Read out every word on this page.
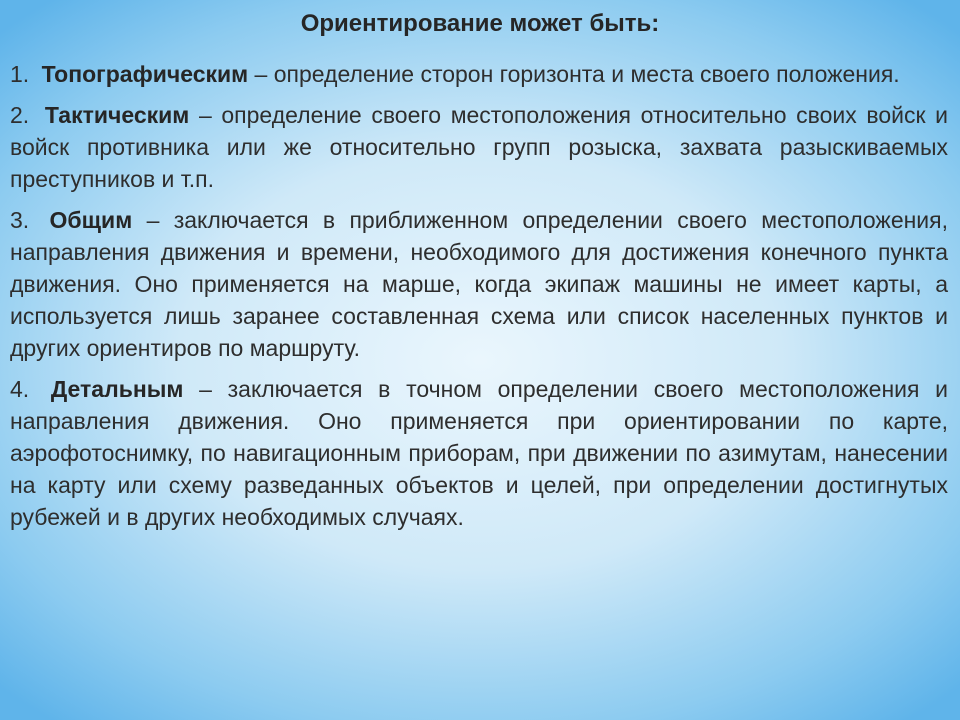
Ориентирование может быть:

1. Топографическим – определение сторон горизонта и места своего положения.

2. Тактическим – определение своего местоположения относительно своих войск и войск противника или же относительно групп розыска, захвата разыскиваемых преступников и т.п.

3. Общим – заключается в приближенном определении своего местоположения, направления движения и времени, необходимого для достижения конечного пункта движения. Оно применяется на марше, когда экипаж машины не имеет карты, а используется лишь заранее составленная схема или список населенных пунктов и других ориентиров по маршруту.

4. Детальным – заключается в точном определении своего местоположения и направления движения. Оно применяется при ориентировании по карте, аэрофотоснимку, по навигационным приборам, при движении по азимутам, нанесении на карту или схему разведанных объектов и целей, при определении достигнутых рубежей и в других необходимых случаях.
